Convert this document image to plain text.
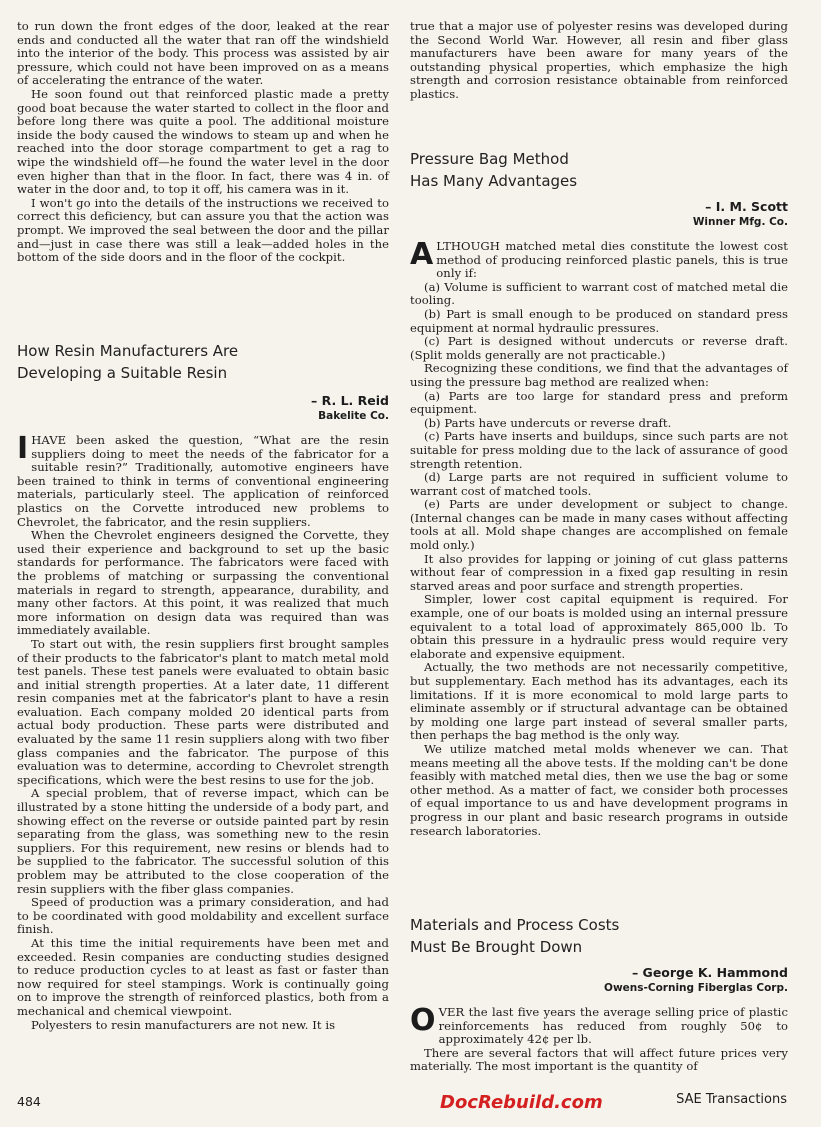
to run down the front edges of the door, leaked at the rear ends and conducted all the water that ran off the windshield into the interior of the body. This process was assisted by air pressure, which could not have been improved on as a means of accelerating the entrance of the water.

He soon found out that reinforced plastic made a pretty good boat because the water started to collect in the floor and before long there was quite a pool. The additional moisture inside the body caused the windows to steam up and when he reached into the door storage compartment to get a rag to wipe the windshield off—he found the water level in the door even higher than that in the floor. In fact, there was 4 in. of water in the door and, to top it off, his camera was in it.

I won't go into the details of the instructions we received to correct this deficiency, but can assure you that the action was prompt. We improved the seal between the door and the pillar and—just in case there was still a leak—added holes in the bottom of the side doors and in the floor of the cockpit.

How Resin Manufacturers Are
Developing a Suitable Resin

– R. L. Reid

Bakelite Co.

IHAVE been asked the question, “What are the resin suppliers doing to meet the needs of the fabricator for a suitable resin?” Traditionally, automotive engineers have been trained to think in terms of conventional engineering materials, particularly steel. The application of reinforced plastics on the Corvette introduced new problems to Chevrolet, the fabricator, and the resin suppliers.

When the Chevrolet engineers designed the Corvette, they used their experience and background to set up the basic standards for performance. The fabricators were faced with the problems of matching or surpassing the conventional materials in regard to strength, appearance, durability, and many other factors. At this point, it was realized that much more information on design data was required than was immediately available.

To start out with, the resin suppliers first brought samples of their products to the fabricator's plant to match metal mold test panels. These test panels were evaluated to obtain basic and initial strength properties. At a later date, 11 different resin companies met at the fabricator's plant to have a resin evaluation. Each company molded 20 identical parts from actual body production. These parts were distributed and evaluated by the same 11 resin suppliers along with two fiber glass companies and the fabricator. The purpose of this evaluation was to determine, according to Chevrolet strength specifications, which were the best resins to use for the job.

A special problem, that of reverse impact, which can be illustrated by a stone hitting the underside of a body part, and showing effect on the reverse or outside painted part by resin separating from the glass, was something new to the resin suppliers. For this requirement, new resins or blends had to be supplied to the fabricator. The successful solution of this problem may be attributed to the close cooperation of the resin suppliers with the fiber glass companies.

Speed of production was a primary consideration, and had to be coordinated with good moldability and excellent surface finish.

At this time the initial requirements have been met and exceeded. Resin companies are conducting studies designed to reduce production cycles to at least as fast or faster than now required for steel stampings. Work is continually going on to improve the strength of reinforced plastics, both from a mechanical and chemical viewpoint.

Polyesters to resin manufacturers are not new. It is

true that a major use of polyester resins was developed during the Second World War. However, all resin and fiber glass manufacturers have been aware for many years of the outstanding physical properties, which emphasize the high strength and corrosion resistance obtainable from reinforced plastics.

Pressure Bag Method
Has Many Advantages

– I. M. Scott

Winner Mfg. Co.

ALTHOUGH matched metal dies constitute the lowest cost method of producing reinforced plastic panels, this is true only if:

(a) Volume is sufficient to warrant cost of matched metal die tooling.

(b) Part is small enough to be produced on standard press equipment at normal hydraulic pressures.

(c) Part is designed without undercuts or reverse draft. (Split molds generally are not practicable.)

Recognizing these conditions, we find that the advantages of using the pressure bag method are realized when:

(a) Parts are too large for standard press and preform equipment.

(b) Parts have undercuts or reverse draft.

(c) Parts have inserts and buildups, since such parts are not suitable for press molding due to the lack of assurance of good strength retention.

(d) Large parts are not required in sufficient volume to warrant cost of matched tools.

(e) Parts are under development or subject to change. (Internal changes can be made in many cases without affecting tools at all. Mold shape changes are accomplished on female mold only.)

It also provides for lapping or joining of cut glass patterns without fear of compression in a fixed gap resulting in resin starved areas and poor surface and strength properties.

Simpler, lower cost capital equipment is required. For example, one of our boats is molded using an internal pressure equivalent to a total load of approximately 865,000 lb. To obtain this pressure in a hydraulic press would require very elaborate and expensive equipment.

Actually, the two methods are not necessarily competitive, but supplementary. Each method has its advantages, each its limitations. If it is more economical to mold large parts to eliminate assembly or if structural advantage can be obtained by molding one large part instead of several smaller parts, then perhaps the bag method is the only way.

We utilize matched metal molds whenever we can. That means meeting all the above tests. If the molding can't be done feasibly with matched metal dies, then we use the bag or some other method. As a matter of fact, we consider both processes of equal importance to us and have development programs in progress in our plant and basic research programs in outside research laboratories.

Materials and Process Costs
Must Be Brought Down

– George K. Hammond

Owens-Corning Fiberglas Corp.

OVER the last five years the average selling price of plastic reinforcements has reduced from roughly 50¢ to approximately 42¢ per lb.

There are several factors that will affect future prices very materially. The most important is the quantity of

484	DocRebuild.com	SAE Transactions
